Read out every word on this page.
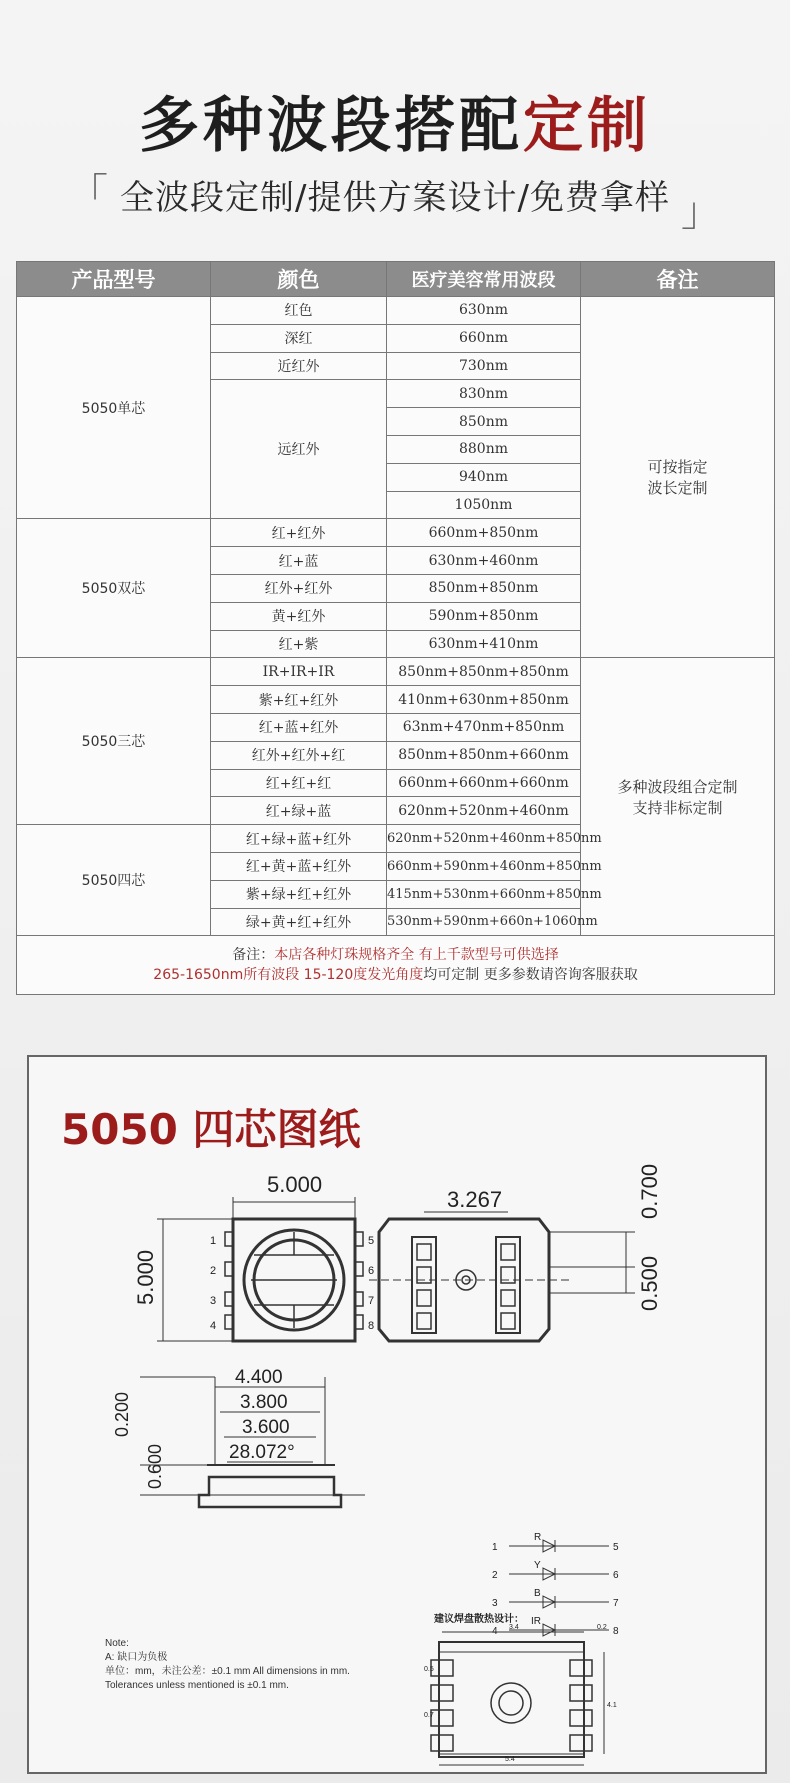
多种波段搭配定制
「 全波段定制/提供方案设计/免费拿样 」
产品型号	颜色	医疗美容常用波段	备注
5050单芯	红色	630nm	可按指定
波长定制
	深红	660nm	
	近红外	730nm	
	远红外	830nm	
		850nm	
		880nm	
		940nm	
		1050nm	
5050双芯	红+红外	660nm+850nm	
	红+蓝	630nm+460nm	
	红外+红外	850nm+850nm	
	黄+红外	590nm+850nm	
	红+紫	630nm+410nm	
5050三芯	IR+IR+IR	850nm+850nm+850nm	多种波段组合定制
支持非标定制
	紫+红+红外	410nm+630nm+850nm	
	红+蓝+红外	63nm+470nm+850nm	
	红外+红外+红	850nm+850nm+660nm	
	红+红+红	660nm+660nm+660nm	
	红+绿+蓝	620nm+520nm+460nm	
5050四芯	红+绿+蓝+红外	620nm+520nm+460nm+850nm	
	红+黄+蓝+红外	660nm+590nm+460nm+850nm	
	紫+绿+红+红外	415nm+530nm+660nm+850nm	
	绿+黄+红+红外	530nm+590nm+660n+1060nm	
备注：本店各种灯珠规格齐全 有上千款型号可供选择
265-1650nm所有波段 15-120度发光角度均可定制 更多参数请咨询客服获取			
5050 四芯图纸
5.000
5.000
3.267	0.700
0.500
4.400
3.800
3.600
28.072°
0.200
0.600
1
2
3
4
5
6
7
8
1
2
3
4
5
6
7
8
R
Y
B
IR
建议焊盘散热设计：
3.4	0.2
0.5
0.7
4.1
5.4
Note:
A: 缺口为负极
单位：mm，未注公差：±0.1 mm All dimensions in mm.
Tolerances unless mentioned is ±0.1 mm.
